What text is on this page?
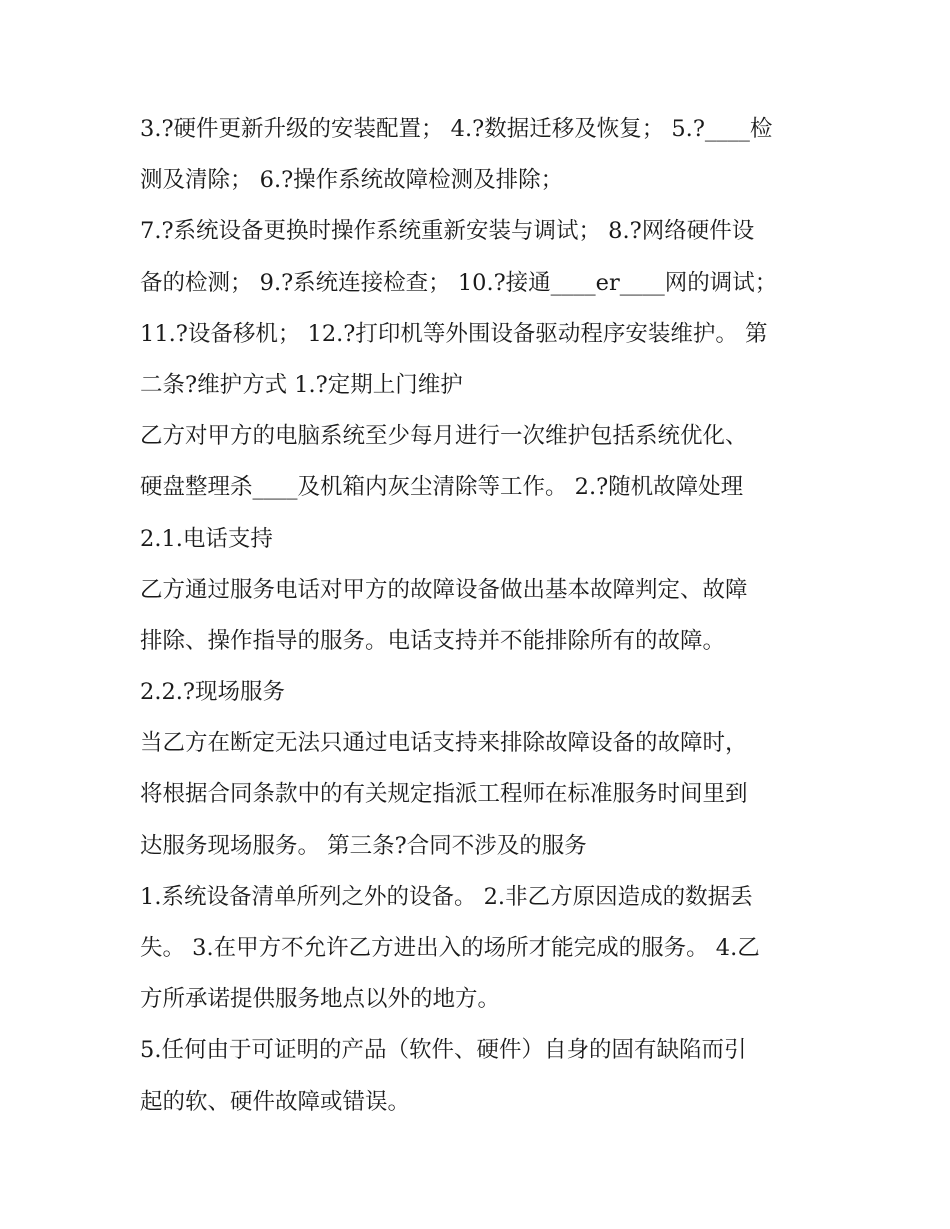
3.?硬件更新升级的安装配置； 4.?数据迁移及恢复； 5.?____检
测及清除； 6.?操作系统故障检测及排除；
7.?系统设备更换时操作系统重新安装与调试； 8.?网络硬件设
备的检测； 9.?系统连接检查； 10.?接通____er____网的调试；
11.?设备移机； 12.?打印机等外围设备驱动程序安装维护。 第
二条?维护方式 1.?定期上门维护
乙方对甲方的电脑系统至少每月进行一次维护包括系统优化、
硬盘整理杀____及机箱内灰尘清除等工作。 2.?随机故障处理
2.1.电话支持
乙方通过服务电话对甲方的故障设备做出基本故障判定、故障
排除、操作指导的服务。电话支持并不能排除所有的故障。
2.2.?现场服务
当乙方在断定无法只通过电话支持来排除故障设备的故障时，
将根据合同条款中的有关规定指派工程师在标准服务时间里到
达服务现场服务。 第三条?合同不涉及的服务
1.系统设备清单所列之外的设备。 2.非乙方原因造成的数据丢
失。 3.在甲方不允许乙方进出入的场所才能完成的服务。 4.乙
方所承诺提供服务地点以外的地方。
5.任何由于可证明的产品（软件、硬件）自身的固有缺陷而引
起的软、硬件故障或错误。
